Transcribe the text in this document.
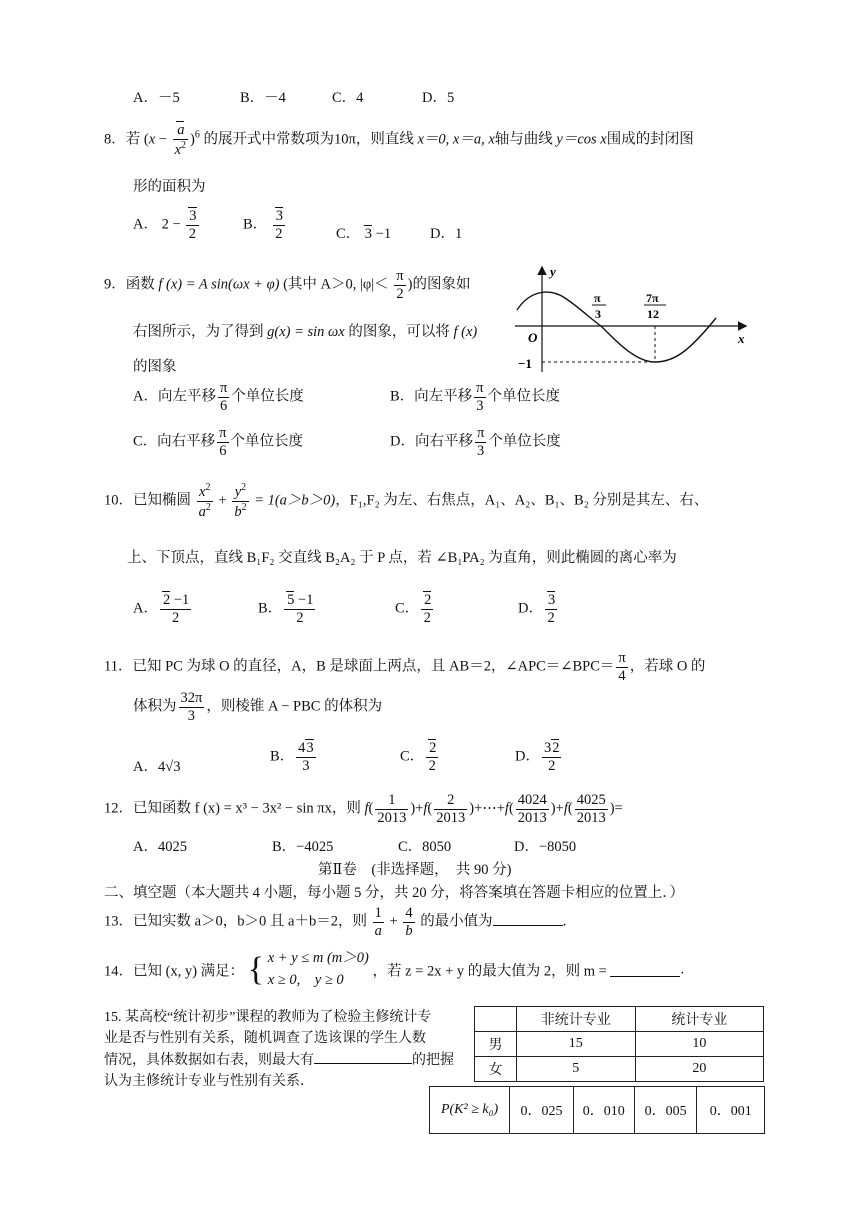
A．－5	B．－4	C．4	D．5
8．若 $(x - \frac{a}{x^2} )^6$ 的展开式中常数项为10π，则直线 x＝0, x＝a, x轴与曲线 y＝cos x围成的封闭图
形的面积为
A． $2 - \frac{3}{2}$	B． $\frac{3}{2}$	C． 3 −1	D．1
9．函数 f (x) = A sin(ωx + φ) (其中 A＞0, $|\varphi|< \frac{\pi}{2}$ )的图象如
右图所示，为了得到 g(x) = sin ωx 的图象，可以将 f (x)
的图象
A．向左平移 $\frac{\pi}{6}$ 个单位长度	B．向左平移 $\frac{\pi}{3}$ 个单位长度
C．向右平移 $\frac{\pi}{6}$ 个单位长度	D．向右平移 $\frac{\pi}{3}$ 个单位长度
y
x
O
−1
π
3
7π
12
10．已知椭圆 $\frac{x^2}{a^2} + \frac{y^2}{b^2} = 1(a>b>0)$，F₁,F₂ 为左、右焦点，A₁、A₂、B₁、B₂ 分别是其左、右、
上、下顶点，直线 B₁F₂ 交直线 B₂A₂ 于 P 点，若 ∠B₁PA₂ 为直角，则此椭圆的离心率为
A． $\frac{2 -1}{2}$	B． $\frac{5 -1}{2}$	C． $\frac{2}{2}$	D． $\frac{3}{2}$
11．已知 PC 为球 O 的直径，A，B 是球面上两点，且 AB＝2，∠APC＝∠BPC＝ $\frac{\pi}{4}$ ，若球 O 的
体积为 $\frac{32\pi}{3}$ ，则棱锥 A − PBC 的体积为
A．4√3
B． $\frac{43}{3}$	C． $\frac{2}{2}$	D． $\frac{32}{2}$
12．已知函数 f (x) = x³ − 3x² − sin πx，则 $f( \frac{1}{2013} )+f( \frac{2}{2013}$ )+⋯+f( $\frac{4024}{2013} )+f( \frac{4025}{2013}$ )=
A．4025	B．−4025	C．8050	D．−8050
第Ⅱ卷　(非选择题，　共 90 分)
二、填空题（本大题共 4 小题，每小题 5 分，共 20 分，将答案填在答题卡相应的位置上．）
13．已知实数 a＞0，b＞0 且 a＋b＝2，则 $\frac{1}{a} + \frac{4}{b}$ 的最小值为	.
14．已知 (x, y) 满足： { x + y ≤ m (m＞0)
x ≥ 0,　y ≥ 0
，若 z = 2x + y 的最大值为 2，则 m =	.
15. 某高校“统计初步”课程的教师为了检验主修统计专
业是否与性别有关系，随机调查了选该课的学生人数
情况，具体数据如右表，则最大有	的把握
认为主修统计专业与性别有关系．
	非统计专业	统计专业
男	15	10
女	5	20
P(K² ≥ k₀)	0．025	0．010	0．005	0．001
